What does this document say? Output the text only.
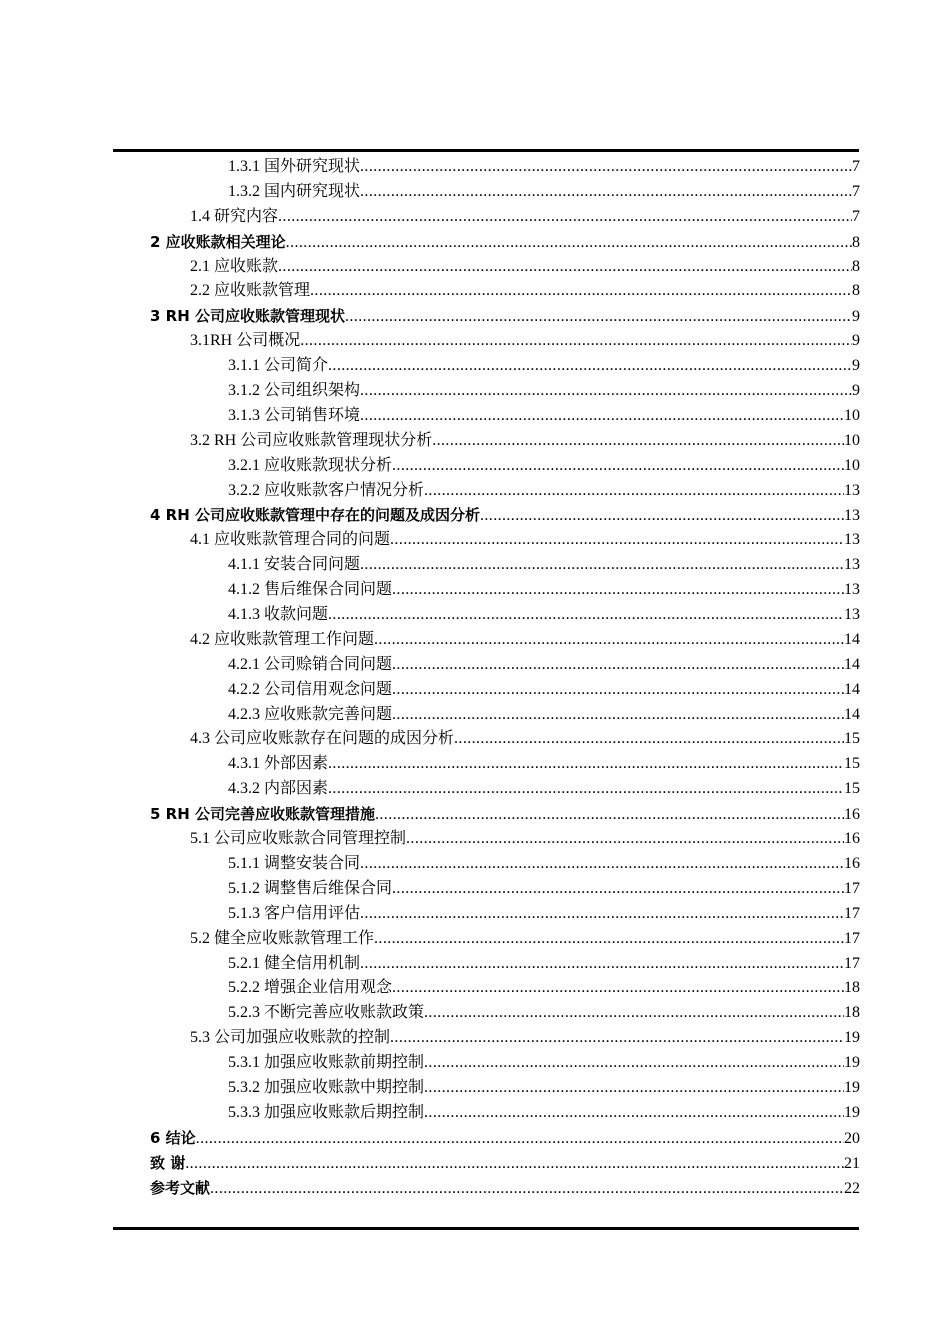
1.3.1 国外研究现状 .....	7
1.3.2 国内研究现状 .....	7
1.4 研究内容 .....	7
2 应收账款相关理论 .....	8
2.1 应收账款 .....	8
2.2 应收账款管理 .....	8
3 RH 公司应收账款管理现状 .....	9
3.1RH 公司概况 .....	9
3.1.1 公司简介 .....	9
3.1.2 公司组织架构 .....	9
3.1.3 公司销售环境 .....	10
3.2 RH 公司应收账款管理现状分析 .....	10
3.2.1 应收账款现状分析 .....	10
3.2.2 应收账款客户情况分析 .....	13
4 RH 公司应收账款管理中存在的问题及成因分析 .....	13
4.1 应收账款管理合同的问题 .....	13
4.1.1 安装合同问题 .....	13
4.1.2 售后维保合同问题 .....	13
4.1.3 收款问题 .....	13
4.2 应收账款管理工作问题 .....	14
4.2.1 公司赊销合同问题 .....	14
4.2.2 公司信用观念问题 .....	14
4.2.3 应收账款完善问题 .....	14
4.3 公司应收账款存在问题的成因分析 .....	15
4.3.1 外部因素 .....	15
4.3.2 内部因素 .....	15
5 RH 公司完善应收账款管理措施 .....	16
5.1 公司应收账款合同管理控制 .....	16
5.1.1 调整安装合同 .....	16
5.1.2 调整售后维保合同 .....	17
5.1.3 客户信用评估 .....	17
5.2 健全应收账款管理工作 .....	17
5.2.1 健全信用机制 .....	17
5.2.2 增强企业信用观念 .....	18
5.2.3 不断完善应收账款政策 .....	18
5.3 公司加强应收账款的控制 .....	19
5.3.1 加强应收账款前期控制 .....	19
5.3.2 加强应收账款中期控制 .....	19
5.3.3 加强应收账款后期控制 .....	19
6 结论 .....	20
致 谢 .....	21
参考文献 .....	22
